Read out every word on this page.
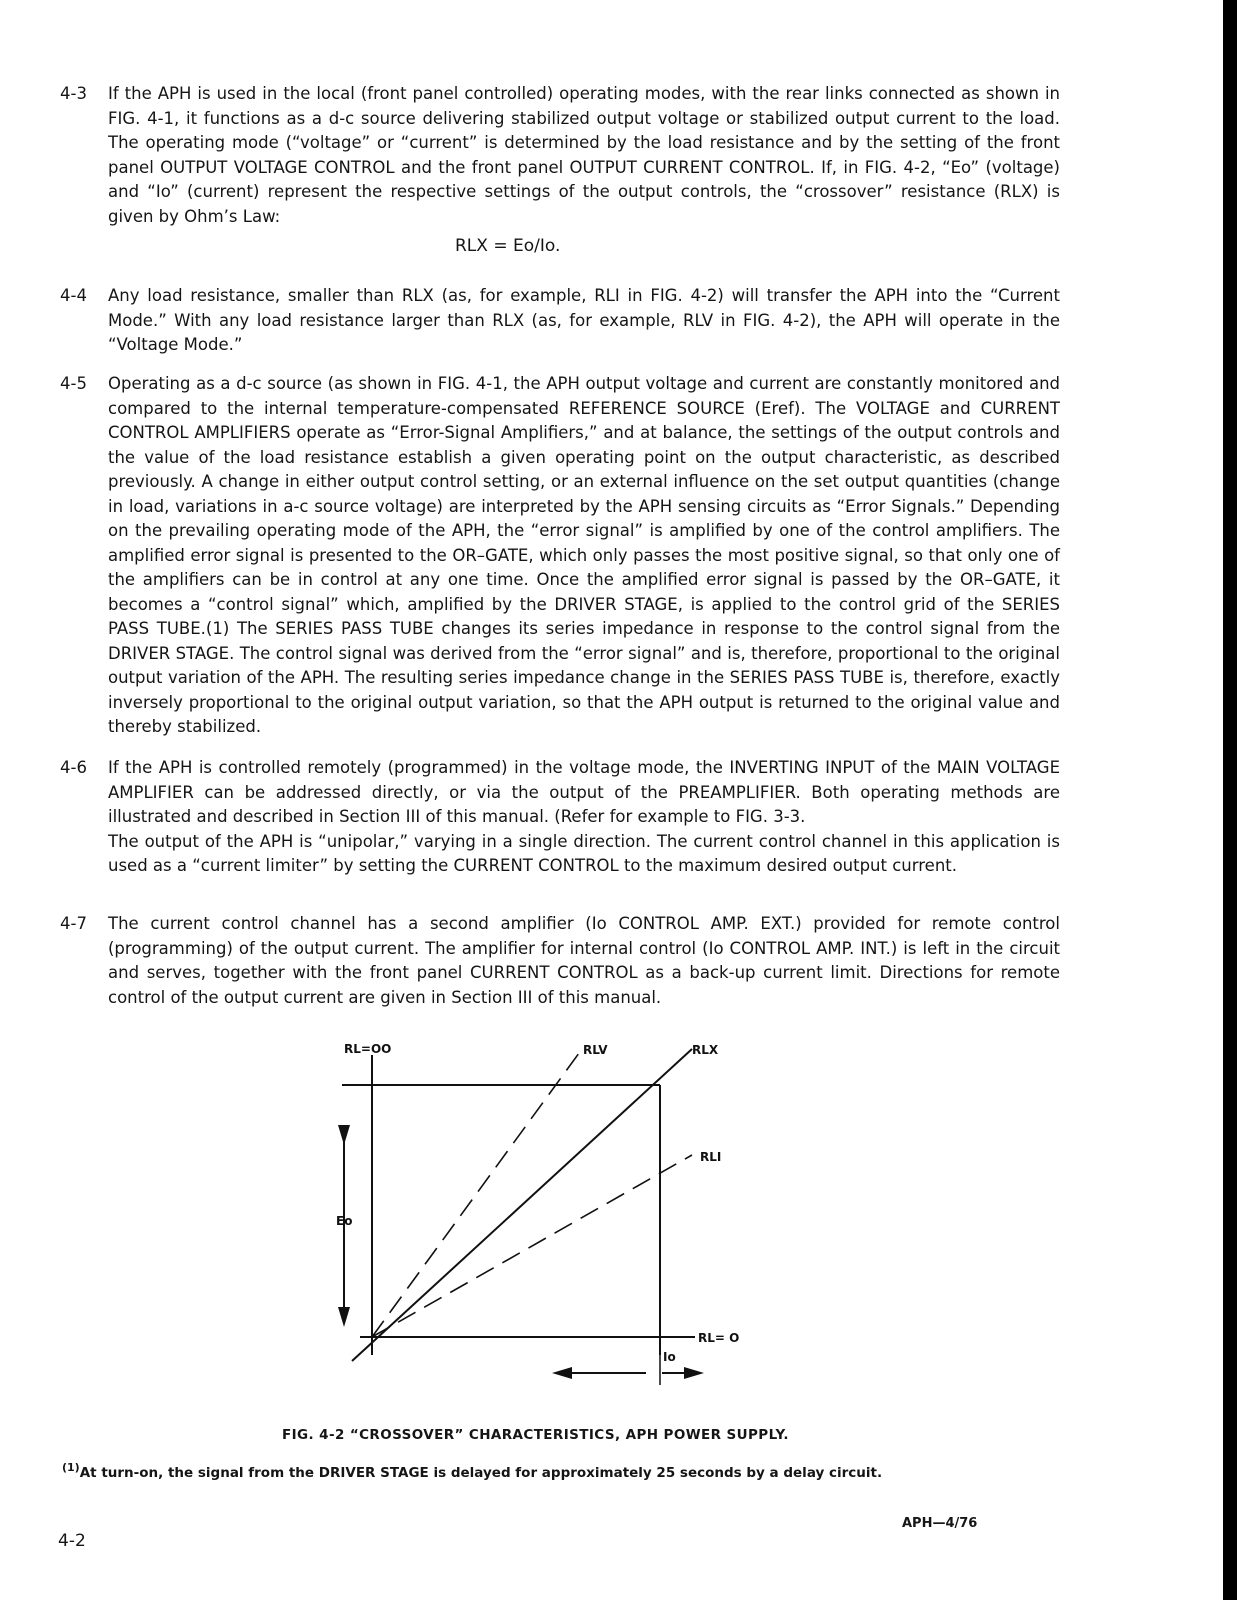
4-3 If the APH is used in the local (front panel controlled) operating modes, with the rear links connected as shown in FIG. 4-1, it functions as a d-c source delivering stabilized output voltage or stabilized output current to the load. The operating mode (“voltage” or “current” is determined by the load resistance and by the setting of the front panel OUTPUT VOLTAGE CONTROL and the front panel OUTPUT CURRENT CONTROL. If, in FIG. 4-2, “Eo” (voltage) and “Io” (current) represent the respective settings of the output controls, the “crossover” resistance (RLX) is given by Ohm’s Law:
RLX = Eo/Io.
4-4 Any load resistance, smaller than RLX (as, for example, RLI in FIG. 4-2) will transfer the APH into the “Current Mode.” With any load resistance larger than RLX (as, for example, RLV in FIG. 4-2), the APH will operate in the “Voltage Mode.”
4-5 Operating as a d-c source (as shown in FIG. 4-1, the APH output voltage and current are constantly monitored and compared to the internal temperature-compensated REFERENCE SOURCE (Eref). The VOLTAGE and CURRENT CONTROL AMPLIFIERS operate as “Error-Signal Amplifiers,” and at balance, the settings of the output controls and the value of the load resistance establish a given operating point on the output characteristic, as described previously. A change in either output control setting, or an external influence on the set output quantities (change in load, variations in a-c source voltage) are interpreted by the APH sensing circuits as “Error Signals.” Depending on the prevailing operating mode of the APH, the “error signal” is amplified by one of the control amplifiers. The amplified error signal is presented to the OR–GATE, which only passes the most positive signal, so that only one of the amplifiers can be in control at any one time. Once the amplified error signal is passed by the OR–GATE, it becomes a “control signal” which, amplified by the DRIVER STAGE, is applied to the control grid of the SERIES PASS TUBE.(1) The SERIES PASS TUBE changes its series impedance in response to the control signal from the DRIVER STAGE. The control signal was derived from the “error signal” and is, therefore, proportional to the original output variation of the APH. The resulting series impedance change in the SERIES PASS TUBE is, therefore, exactly inversely proportional to the original output variation, so that the APH output is returned to the original value and thereby stabilized.
4-6 If the APH is controlled remotely (programmed) in the voltage mode, the INVERTING INPUT of the MAIN VOLTAGE AMPLIFIER can be addressed directly, or via the output of the PREAMPLIFIER. Both operating methods are illustrated and described in Section III of this manual. (Refer for example to FIG. 3-3.
The output of the APH is “unipolar,” varying in a single direction. The current control channel in this application is used as a “current limiter” by setting the CURRENT CONTROL to the maximum desired output current.
4-7 The current control channel has a second amplifier (Io CONTROL AMP. EXT.) provided for remote control (programming) of the output current. The amplifier for internal control (Io CONTROL AMP. INT.) is left in the circuit and serves, together with the front panel CURRENT CONTROL as a back-up current limit. Directions for remote control of the output current are given in Section III of this manual.
RL=OO	RLV	RLX
RLI
Eo
RL= O
Io
FIG. 4-2 “CROSSOVER” CHARACTERISTICS, APH POWER SUPPLY.
$^{(1)}$At turn-on, the signal from the DRIVER STAGE is delayed for approximately 25 seconds by a delay circuit.
4-2
APH—4/76
